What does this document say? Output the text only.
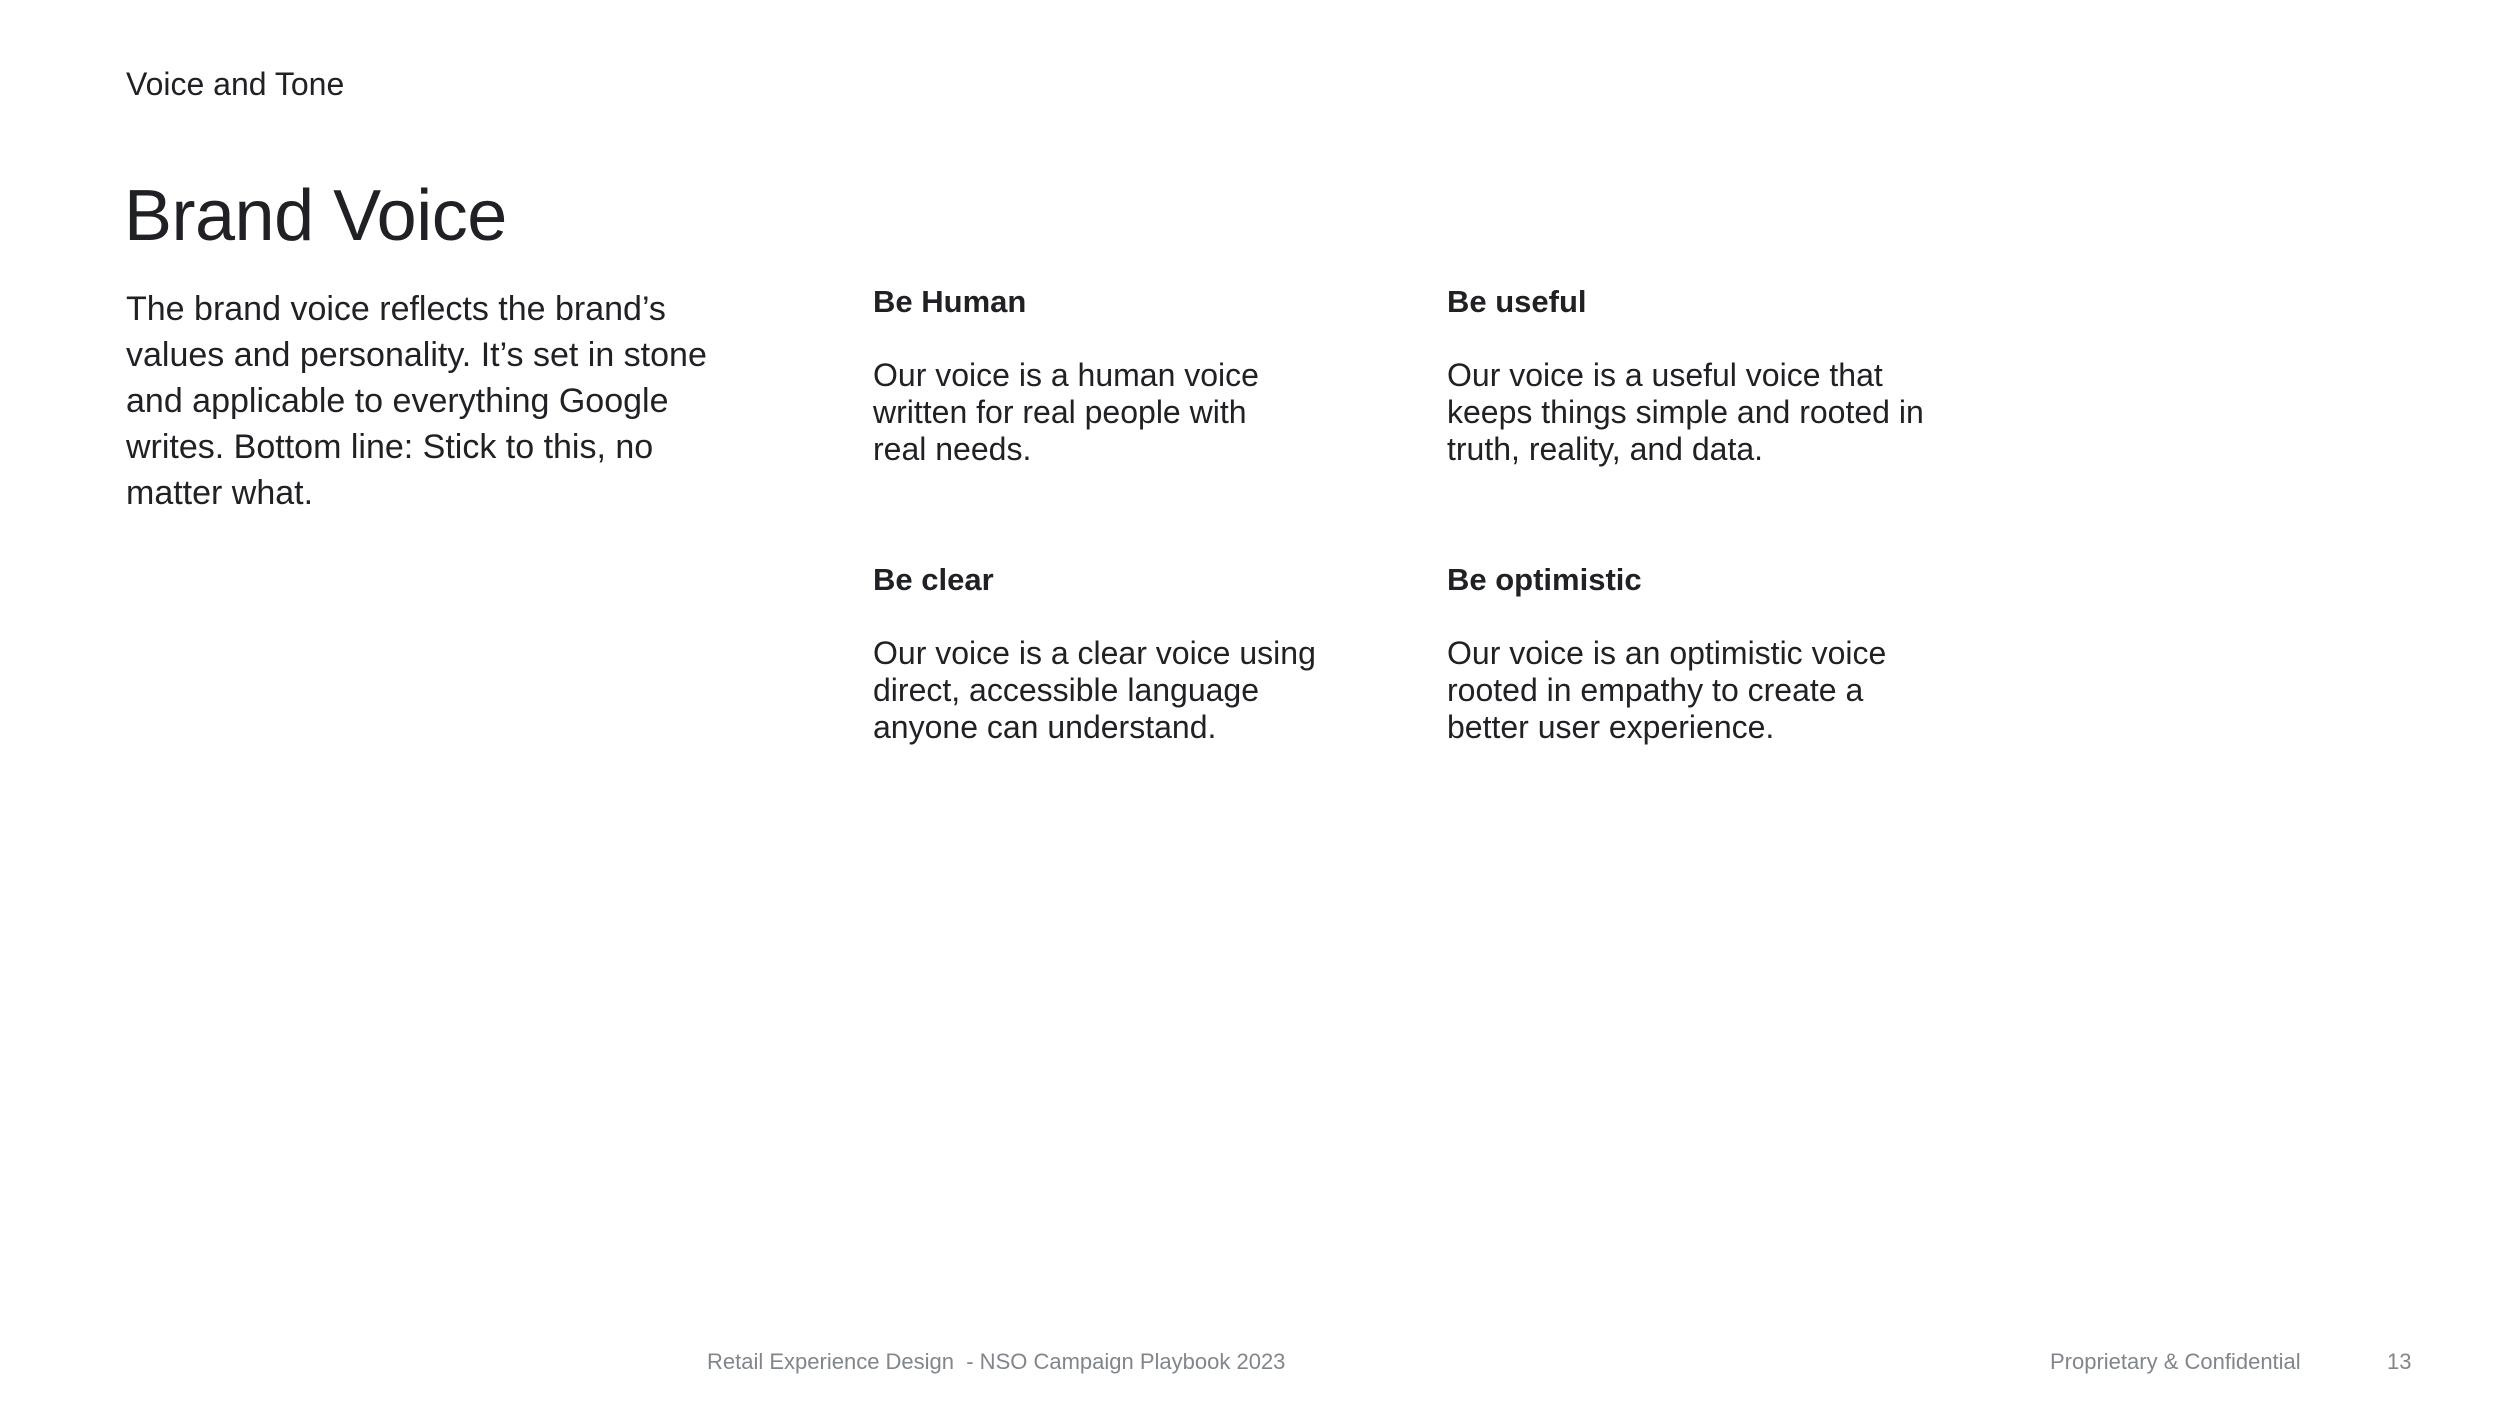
Voice and Tone
Brand Voice

The brand voice reflects the brand’s values and personality. It’s set in stone and applicable to everything Google writes. Bottom line: Stick to this, no matter what.

Be Human

Our voice is a human voice written for real people with real needs.

Be useful

Our voice is a useful voice that keeps things simple and rooted in truth, reality, and data.

Be clear

Our voice is a clear voice using direct, accessible language anyone can understand.

Be optimistic

Our voice is an optimistic voice rooted in empathy to create a better user experience.

Retail Experience Design  - NSO Campaign Playbook 2023	Proprietary & Confidential	13
